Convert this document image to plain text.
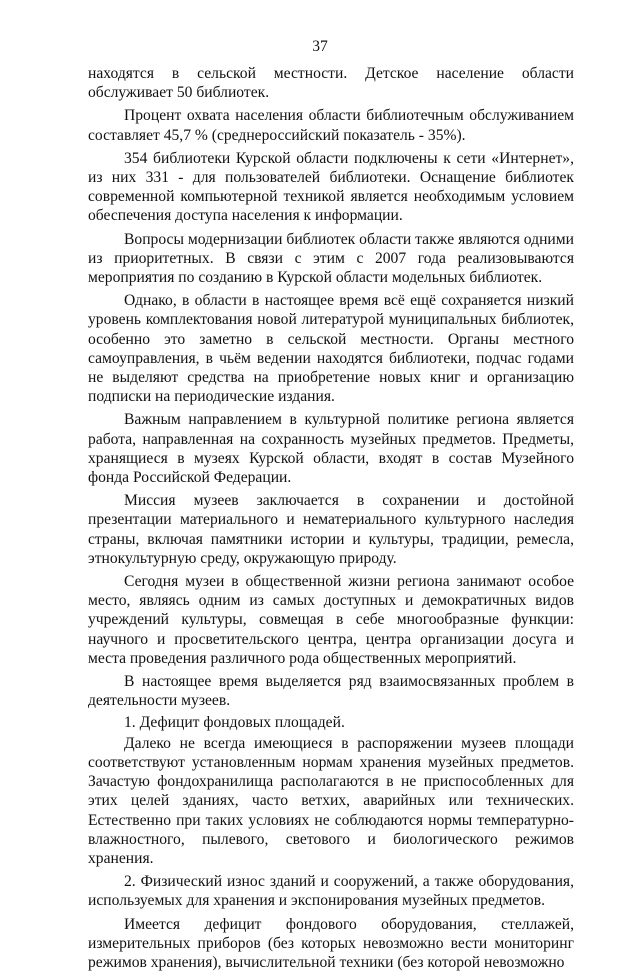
37

находятся в сельской местности. Детское население области обслуживает 50 библиотек.

Процент охвата населения области библиотечным обслуживанием составляет 45,7 % (среднероссийский показатель - 35%).

354 библиотеки Курской области подключены к сети «Интернет», из них 331 - для пользователей библиотеки. Оснащение библиотек современной компьютерной техникой является необходимым условием обеспечения доступа населения к информации.

Вопросы модернизации библиотек области также являются одними из приоритетных. В связи с этим с 2007 года реализовываются мероприятия по созданию в Курской области модельных библиотек.

Однако, в области в настоящее время всё ещё сохраняется низкий уровень комплектования новой литературой муниципальных библиотек, особенно это заметно в сельской местности. Органы местного самоуправления, в чьём ведении находятся библиотеки, подчас годами не выделяют средства на приобретение новых книг и организацию подписки на периодические издания.

Важным направлением в культурной политике региона является работа, направленная на сохранность музейных предметов. Предметы, хранящиеся в музеях Курской области, входят в состав Музейного фонда Российской Федерации.

Миссия музеев заключается в сохранении и достойной презентации материального и нематериального культурного наследия страны, включая памятники истории и культуры, традиции, ремесла, этнокультурную среду, окружающую природу.

Сегодня музеи в общественной жизни региона занимают особое место, являясь одним из самых доступных и демократичных видов учреждений культуры, совмещая в себе многообразные функции: научного и просветительского центра, центра организации досуга и места проведения различного рода общественных мероприятий.

В настоящее время выделяется ряд взаимосвязанных проблем в деятельности музеев.

1. Дефицит фондовых площадей.

Далеко не всегда имеющиеся в распоряжении музеев площади соответствуют установленным нормам хранения музейных предметов. Зачастую фондохранилища располагаются в не приспособленных для этих целей зданиях, часто ветхих, аварийных или технических. Естественно при таких условиях не соблюдаются нормы температурно-влажностного, пылевого, светового и биологического режимов хранения.

2. Физический износ зданий и сооружений, а также оборудования, используемых для хранения и экспонирования музейных предметов.

Имеется дефицит фондового оборудования, стеллажей, измерительных приборов (без которых невозможно вести мониторинг режимов хранения), вычислительной техники (без которой невозможно
